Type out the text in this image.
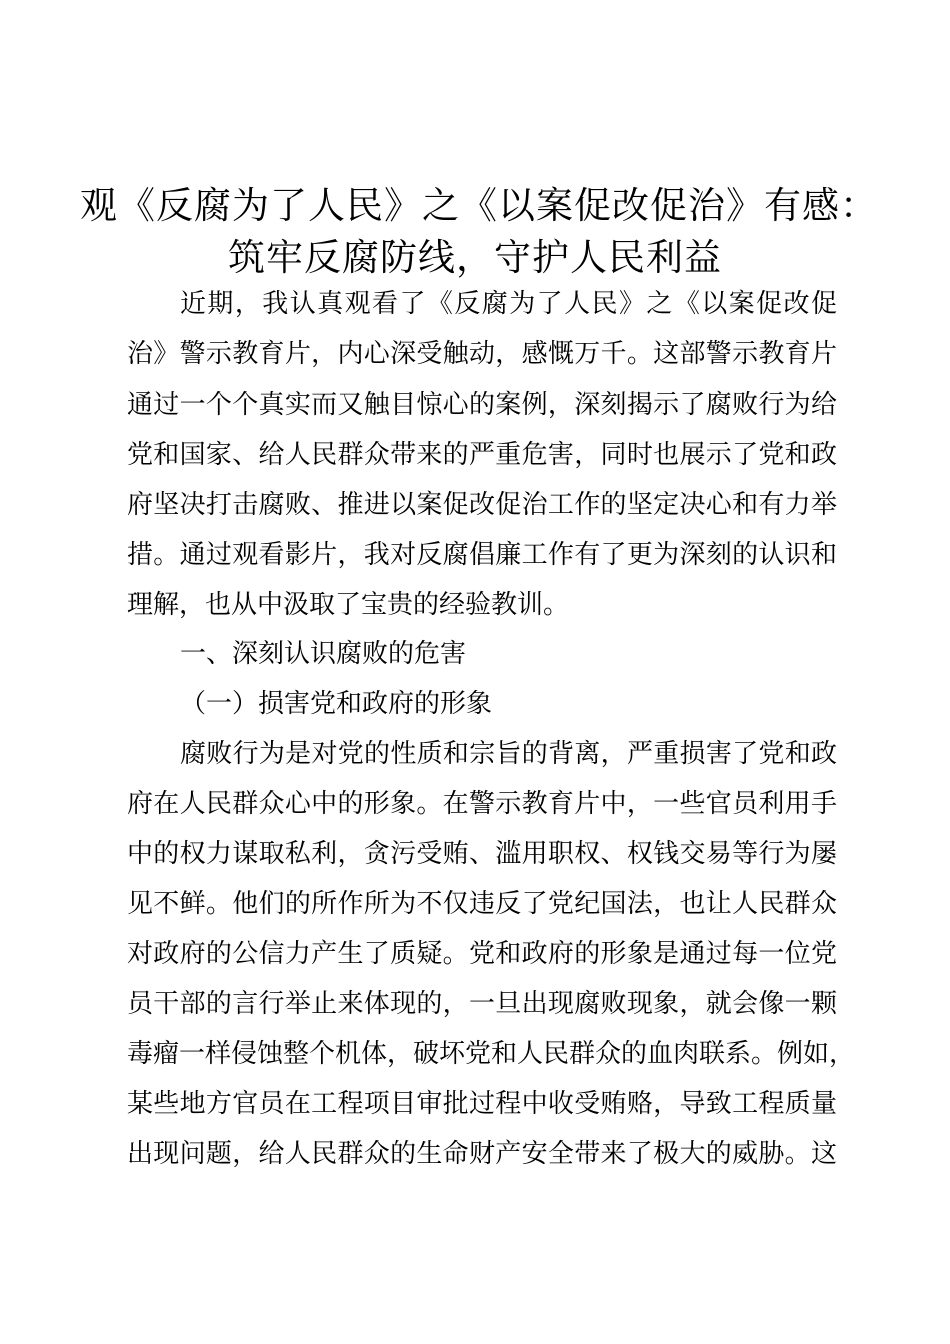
观《反腐为了人民》之《以案促改促治》有感：
筑牢反腐防线，守护人民利益
近期，我认真观看了《反腐为了人民》之《以案促改促
治》警示教育片，内心深受触动，感慨万千。这部警示教育片
通过一个个真实而又触目惊心的案例，深刻揭示了腐败行为给
党和国家、给人民群众带来的严重危害，同时也展示了党和政
府坚决打击腐败、推进以案促改促治工作的坚定决心和有力举
措。通过观看影片，我对反腐倡廉工作有了更为深刻的认识和
理解，也从中汲取了宝贵的经验教训。
一、深刻认识腐败的危害
（一）损害党和政府的形象
腐败行为是对党的性质和宗旨的背离，严重损害了党和政
府在人民群众心中的形象。在警示教育片中，一些官员利用手
中的权力谋取私利，贪污受贿、滥用职权、权钱交易等行为屡
见不鲜。他们的所作所为不仅违反了党纪国法，也让人民群众
对政府的公信力产生了质疑。党和政府的形象是通过每一位党
员干部的言行举止来体现的，一旦出现腐败现象，就会像一颗
毒瘤一样侵蚀整个机体，破坏党和人民群众的血肉联系。例如，
某些地方官员在工程项目审批过程中收受贿赂，导致工程质量
出现问题，给人民群众的生命财产安全带来了极大的威胁。这
